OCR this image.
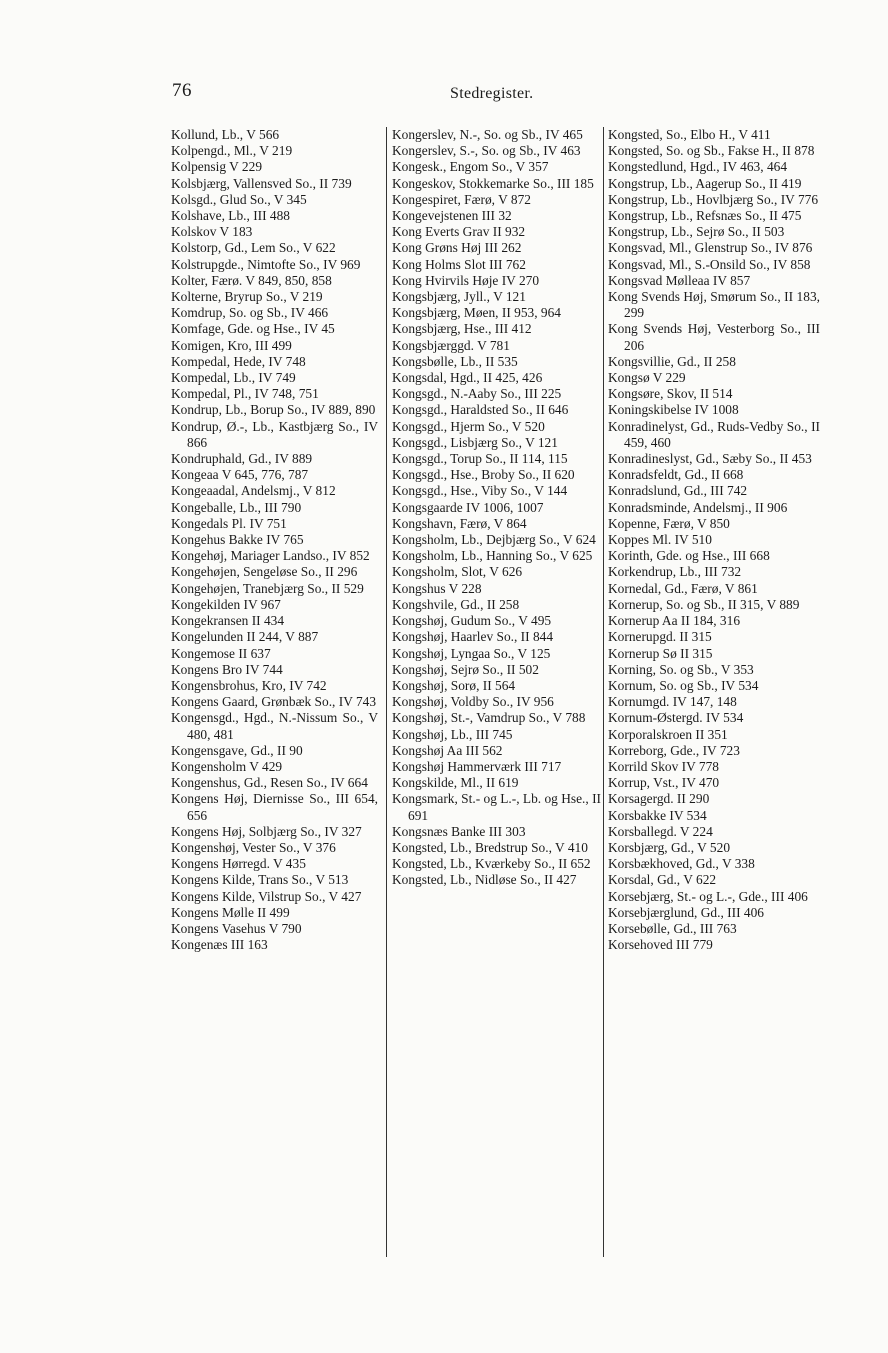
76	Stedregister.
Kollund, Lb., V 566
Kolpengd., Ml., V 219
Kolpensig V 229
Kolsbjærg, Vallensved So., II 739
Kolsgd., Glud So., V 345
Kolshave, Lb., III 488
Kolskov V 183
Kolstorp, Gd., Lem So., V 622
Kolstrupgde., Nimtofte So., IV 969
Kolter, Færø. V 849, 850, 858
Kolterne, Bryrup So., V 219
Komdrup, So. og Sb., IV 466
Komfage, Gde. og Hse., IV 45
Komigen, Kro, III 499
Kompedal, Hede, IV 748
Kompedal, Lb., IV 749
Kompedal, Pl., IV 748, 751
Kondrup, Lb., Borup So., IV 889, 890
Kondrup, Ø.-, Lb., Kastbjærg So., IV 866
Kondruphald, Gd., IV 889
Kongeaa V 645, 776, 787
Kongeaadal, Andelsmj., V 812
Kongeballe, Lb., III 790
Kongedals Pl. IV 751
Kongehus Bakke IV 765
Kongehøj, Mariager Landso., IV 852
Kongehøjen, Sengeløse So., II 296
Kongehøjen, Tranebjærg So., II 529
Kongekilden IV 967
Kongekransen II 434
Kongelunden II 244, V 887
Kongemose II 637
Kongens Bro IV 744
Kongensbrohus, Kro, IV 742
Kongens Gaard, Grønbæk So., IV 743
Kongensgd., Hgd., N.-Nissum So., V 480, 481
Kongensgave, Gd., II 90
Kongensholm V 429
Kongenshus, Gd., Resen So., IV 664
Kongens Høj, Diernisse So., III 654, 656
Kongens Høj, Solbjærg So., IV 327
Kongenshøj, Vester So., V 376
Kongens Hørregd. V 435
Kongens Kilde, Trans So., V 513
Kongens Kilde, Vilstrup So., V 427
Kongens Mølle II 499
Kongens Vasehus V 790
Kongenæs III 163
Kongerslev, N.-, So. og Sb., IV 465
Kongerslev, S.-, So. og Sb., IV 463
Kongesk., Engom So., V 357
Kongeskov, Stokkemarke So., III 185
Kongespiret, Færø, V 872
Kongevejstenen III 32
Kong Everts Grav II 932
Kong Grøns Høj III 262
Kong Holms Slot III 762
Kong Hvirvils Høje IV 270
Kongsbjærg, Jyll., V 121
Kongsbjærg, Møen, II 953, 964
Kongsbjærg, Hse., III 412
Kongsbjærggd. V 781
Kongsbølle, Lb., II 535
Kongsdal, Hgd., II 425, 426
Kongsgd., N.-Aaby So., III 225
Kongsgd., Haraldsted So., II 646
Kongsgd., Hjerm So., V 520
Kongsgd., Lisbjærg So., V 121
Kongsgd., Torup So., II 114, 115
Kongsgd., Hse., Broby So., II 620
Kongsgd., Hse., Viby So., V 144
Kongsgaarde IV 1006, 1007
Kongshavn, Færø, V 864
Kongsholm, Lb., Dejbjærg So., V 624
Kongsholm, Lb., Hanning So., V 625
Kongsholm, Slot, V 626
Kongshus V 228
Kongshvile, Gd., II 258
Kongshøj, Gudum So., V 495
Kongshøj, Haarlev So., II 844
Kongshøj, Lyngaa So., V 125
Kongshøj, Sejrø So., II 502
Kongshøj, Sorø, II 564
Kongshøj, Voldby So., IV 956
Kongshøj, St.-, Vamdrup So., V 788
Kongshøj, Lb., III 745
Kongshøj Aa III 562
Kongshøj Hammerværk III 717
Kongskilde, Ml., II 619
Kongsmark, St.- og L.-, Lb. og Hse., II 691
Kongsnæs Banke III 303
Kongsted, Lb., Bredstrup So., V 410
Kongsted, Lb., Kværkeby So., II 652
Kongsted, Lb., Nidløse So., II 427
Kongsted, So., Elbo H., V 411
Kongsted, So. og Sb., Fakse H., II 878
Kongstedlund, Hgd., IV 463, 464
Kongstrup, Lb., Aagerup So., II 419
Kongstrup, Lb., Hovlbjærg So., IV 776
Kongstrup, Lb., Refsnæs So., II 475
Kongstrup, Lb., Sejrø So., II 503
Kongsvad, Ml., Glenstrup So., IV 876
Kongsvad, Ml., S.-Onsild So., IV 858
Kongsvad Mølleaa IV 857
Kong Svends Høj, Smørum So., II 183, 299
Kong Svends Høj, Vesterborg So., III 206
Kongsvillie, Gd., II 258
Kongsø V 229
Kongsøre, Skov, II 514
Koningskibelse IV 1008
Konradinelyst, Gd., Ruds-Vedby So., II 459, 460
Konradineslyst, Gd., Sæby So., II 453
Konradsfeldt, Gd., II 668
Konradslund, Gd., III 742
Konradsminde, Andelsmj., II 906
Kopenne, Færø, V 850
Koppes Ml. IV 510
Korinth, Gde. og Hse., III 668
Korkendrup, Lb., III 732
Kornedal, Gd., Færø, V 861
Kornerup, So. og Sb., II 315, V 889
Kornerup Aa II 184, 316
Kornerupgd. II 315
Kornerup Sø II 315
Korning, So. og Sb., V 353
Kornum, So. og Sb., IV 534
Kornumgd. IV 147, 148
Kornum-Østergd. IV 534
Korporalskroen II 351
Korreborg, Gde., IV 723
Korrild Skov IV 778
Korrup, Vst., IV 470
Korsagergd. II 290
Korsbakke IV 534
Korsballegd. V 224
Korsbjærg, Gd., V 520
Korsbækhoved, Gd., V 338
Korsdal, Gd., V 622
Korsebjærg, St.- og L.-, Gde., III 406
Korsebjærglund, Gd., III 406
Korsebølle, Gd., III 763
Korsehoved III 779
